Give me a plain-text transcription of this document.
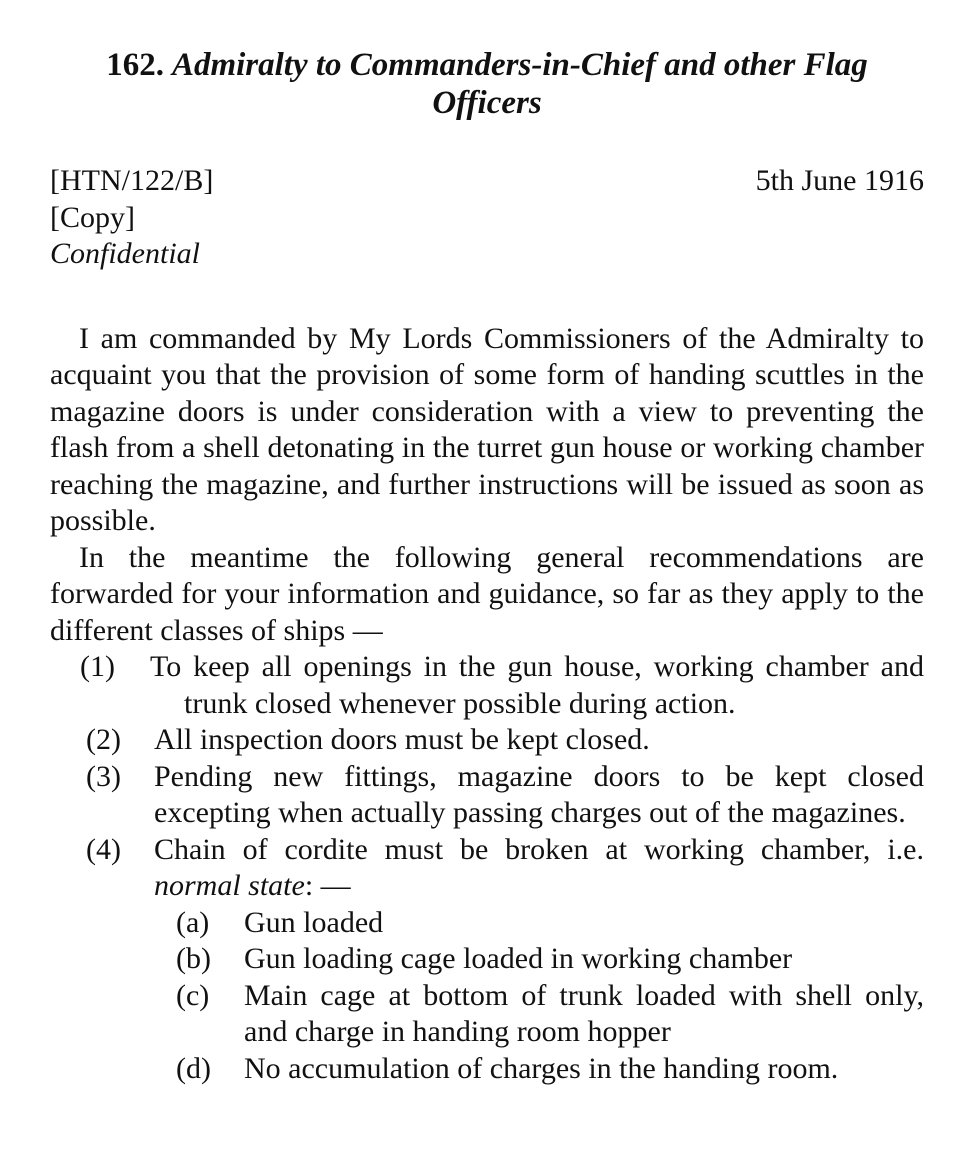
162. Admiralty to Commanders-in-Chief and other Flag Officers
[HTN/122/B]
[Copy]
Confidential
5th June 1916

I am commanded by My Lords Commissioners of the Admiralty to acquaint you that the provision of some form of handing scuttles in the magazine doors is under consideration with a view to preventing the flash from a shell detonating in the turret gun house or working chamber reaching the magazine, and further instructions will be issued as soon as possible.

In the meantime the following general recommendations are forwarded for your information and guidance, so far as they apply to the different classes of ships —

(1) To keep all openings in the gun house, working chamber and trunk closed whenever possible during action.
(2) All inspection doors must be kept closed.
(3) Pending new fittings, magazine doors to be kept closed excepting when actually passing charges out of the magazines.
(4) Chain of cordite must be broken at working chamber, i.e. normal state: —
(a) Gun loaded
(b) Gun loading cage loaded in working chamber
(c) Main cage at bottom of trunk loaded with shell only, and charge in handing room hopper
(d) No accumulation of charges in the handing room.
